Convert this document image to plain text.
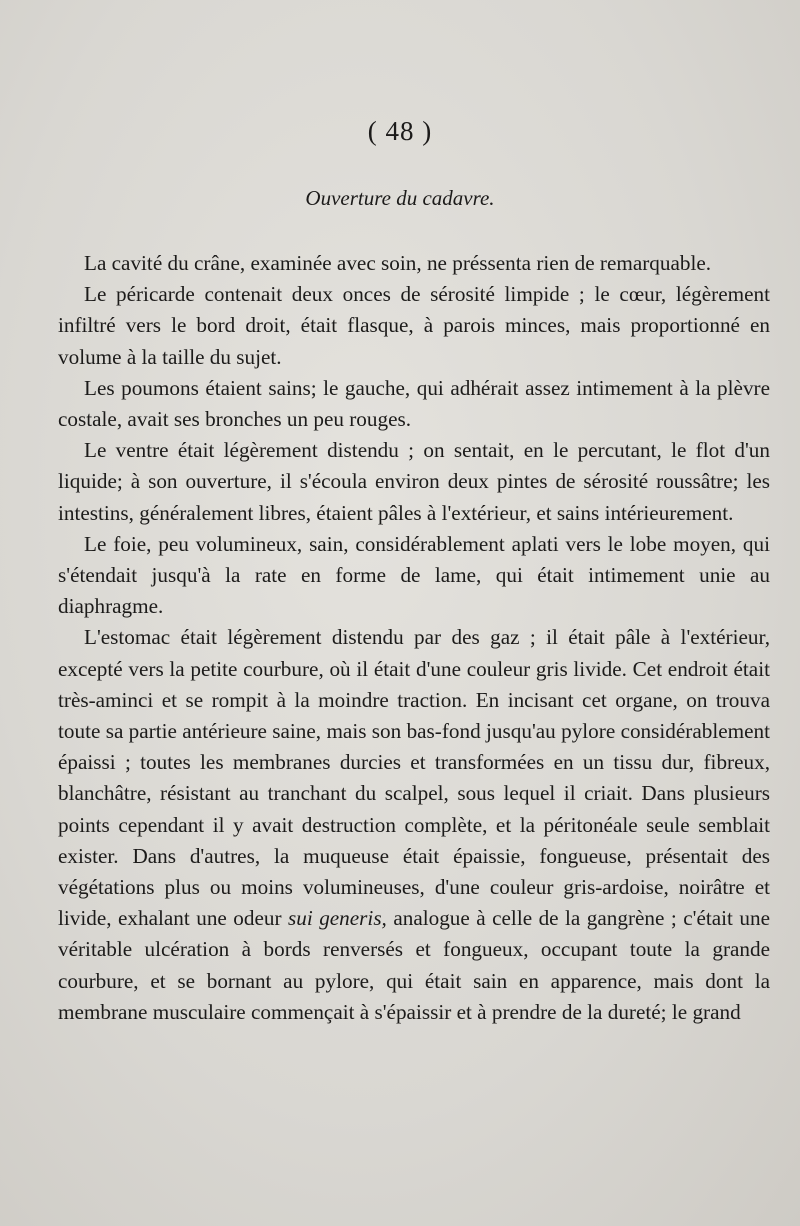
( 48 )
Ouverture du cadavre.

La cavité du crâne, examinée avec soin, ne préssenta rien de remarquable.

Le péricarde contenait deux onces de sérosité limpide ; le cœur, légèrement infiltré vers le bord droit, était flasque, à parois minces, mais proportionné en volume à la taille du sujet.

Les poumons étaient sains; le gauche, qui adhérait assez intimement à la plèvre costale, avait ses bronches un peu rouges.

Le ventre était légèrement distendu ; on sentait, en le percutant, le flot d'un liquide; à son ouverture, il s'écoula environ deux pintes de sérosité roussâtre; les intestins, généralement libres, étaient pâles à l'extérieur, et sains intérieurement.

Le foie, peu volumineux, sain, considérablement aplati vers le lobe moyen, qui s'étendait jusqu'à la rate en forme de lame, qui était intimement unie au diaphragme.

L'estomac était légèrement distendu par des gaz ; il était pâle à l'extérieur, excepté vers la petite courbure, où il était d'une couleur gris livide. Cet endroit était très-aminci et se rompit à la moindre traction. En incisant cet organe, on trouva toute sa partie antérieure saine, mais son bas-fond jusqu'au pylore considérablement épaissi ; toutes les membranes durcies et transformées en un tissu dur, fibreux, blanchâtre, résistant au tranchant du scalpel, sous lequel il criait. Dans plusieurs points cependant il y avait destruction complète, et la péritonéale seule semblait exister. Dans d'autres, la muqueuse était épaissie, fongueuse, présentait des végétations plus ou moins volumineuses, d'une couleur gris-ardoise, noirâtre et livide, exhalant une odeur sui generis, analogue à celle de la gangrène ; c'était une véritable ulcération à bords renversés et fongueux, occupant toute la grande courbure, et se bornant au pylore, qui était sain en apparence, mais dont la membrane musculaire commençait à s'épaissir et à prendre de la dureté; le grand
